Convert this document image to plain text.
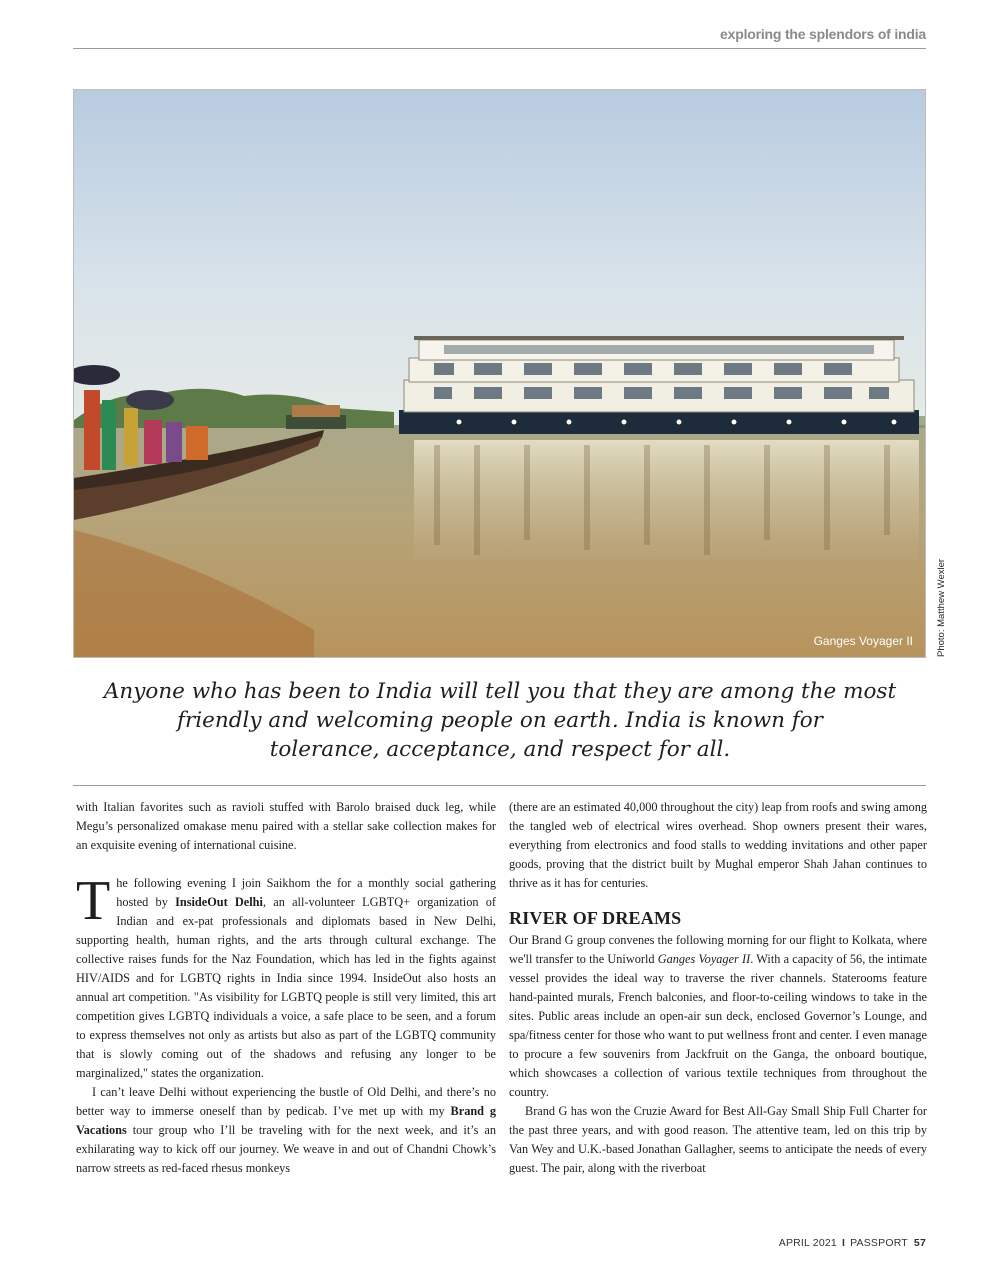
exploring the splendors of india
Ganges Voyager II Photo: Matthew Wexler
Anyone who has been to India will tell you that they are among the most
friendly and welcoming people on earth. India is known for
tolerance, acceptance, and respect for all.

with Italian favorites such as ravioli stuffed with Barolo braised duck leg, while Megu’s personalized omakase menu paired with a stellar sake collection makes for an exquisite evening of international cuisine.

The following evening I join Saikhom the for a monthly social gathering hosted by InsideOut Delhi, an all-volunteer LGBTQ+ organization of Indian and ex-pat professionals and diplomats based in New Delhi, supporting health, human rights, and the arts through cultural exchange. The collective raises funds for the Naz Foundation, which has led in the fights against HIV/AIDS and for LGBTQ rights in India since 1994. InsideOut also hosts an annual art competition. "As visibility for LGBTQ people is still very limited, this art competition gives LGBTQ individuals a voice, a safe place to be seen, and a forum to express themselves not only as artists but also as part of the LGBTQ community that is slowly coming out of the shadows and refusing any longer to be marginalized," states the organization.

I can’t leave Delhi without experiencing the bustle of Old Delhi, and there’s no better way to immerse oneself than by pedicab. I’ve met up with my Brand g Vacations tour group who I’ll be traveling with for the next week, and it’s an exhilarating way to kick off our journey. We weave in and out of Chandni Chowk’s narrow streets as red-faced rhesus monkeys

(there are an estimated 40,000 throughout the city) leap from roofs and swing among the tangled web of electrical wires overhead. Shop owners present their wares, everything from electronics and food stalls to wedding invitations and other paper goods, proving that the district built by Mughal emperor Shah Jahan continues to thrive as it has for centuries.

RIVER OF DREAMS

Our Brand G group convenes the following morning for our flight to Kolkata, where we'll transfer to the Uniworld Ganges Voyager II. With a capacity of 56, the intimate vessel provides the ideal way to traverse the river channels. Staterooms feature hand-painted murals, French balconies, and floor-to-ceiling windows to take in the sites. Public areas include an open-air sun deck, enclosed Governor’s Lounge, and spa/fitness center for those who want to put wellness front and center. I even manage to procure a few souvenirs from Jackfruit on the Ganga, the onboard boutique, which showcases a collection of various textile techniques from throughout the country.

Brand G has won the Cruzie Award for Best All-Gay Small Ship Full Charter for the past three years, and with good reason. The attentive team, led on this trip by Van Wey and U.K.-based Jonathan Gallagher, seems to anticipate the needs of every guest. The pair, along with the riverboat

APRIL 2021 I PASSPORT 57
